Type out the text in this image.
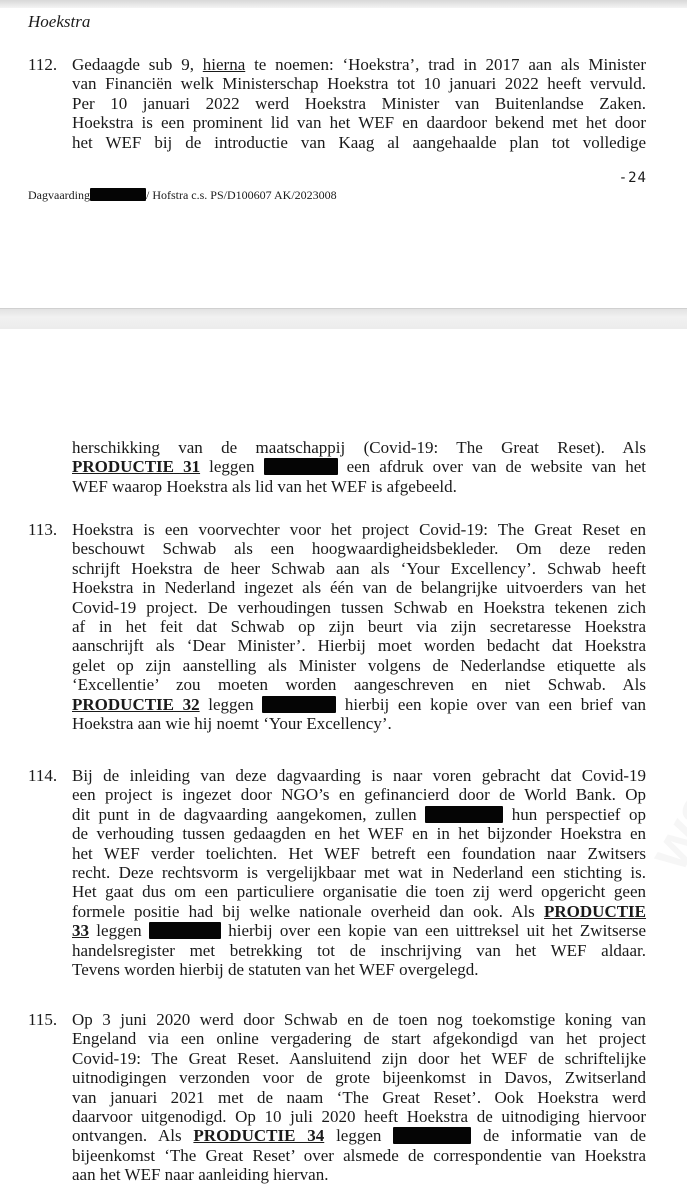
Hoekstra

112. Gedaagde sub 9, hierna te noemen: ‘Hoekstra’, trad in 2017 aan als Minister
van Financiën welk Ministerschap Hoekstra tot 10 januari 2022 heeft vervuld.
Per 10 januari 2022 werd Hoekstra Minister van Buitenlandse Zaken.
Hoekstra is een prominent lid van het WEF en daardoor bekend met het door
het WEF bij de introductie van Kaag al aangehaalde plan tot volledige
-24
Dagvaarding	/ Hofstra c.s. PS/D100607 AK/2023008
herschikking van de maatschappij (Covid-19: The Great Reset). Als
PRODUCTIE 31 leggen	een afdruk over van de website van het
WEF waarop Hoekstra als lid van het WEF is afgebeeld.
113. Hoekstra is een voorvechter voor het project Covid-19: The Great Reset en
beschouwt Schwab als een hoogwaardigheidsbekleder. Om deze reden
schrijft Hoekstra de heer Schwab aan als ‘Your Excellency’. Schwab heeft
Hoekstra in Nederland ingezet als één van de belangrijke uitvoerders van het
Covid-19 project. De verhoudingen tussen Schwab en Hoekstra tekenen zich
af in het feit dat Schwab op zijn beurt via zijn secretaresse Hoekstra
aanschrijft als ‘Dear Minister’. Hierbij moet worden bedacht dat Hoekstra
gelet op zijn aanstelling als Minister volgens de Nederlandse etiquette als
‘Excellentie’ zou moeten worden aangeschreven en niet Schwab. Als
PRODUCTIE 32 leggen	hierbij een kopie over van een brief van
Hoekstra aan wie hij noemt ‘Your Excellency’.
114. Bij de inleiding van deze dagvaarding is naar voren gebracht dat Covid-19
een project is ingezet door NGO’s en gefinancierd door de World Bank. Op
dit punt in de dagvaarding aangekomen, zullen	hun perspectief op
de verhouding tussen gedaagden en het WEF en in het bijzonder Hoekstra en
het WEF verder toelichten. Het WEF betreft een foundation naar Zwitsers
recht. Deze rechtsvorm is vergelijkbaar met wat in Nederland een stichting is.
Het gaat dus om een particuliere organisatie die toen zij werd opgericht geen
formele positie had bij welke nationale overheid dan ook. Als PRODUCTIE
33 leggen	hierbij over een kopie van een uittreksel uit het Zwitserse
handelsregister met betrekking tot de inschrijving van het WEF aldaar.
Tevens worden hierbij de statuten van het WEF overgelegd.
115. Op 3 juni 2020 werd door Schwab en de toen nog toekomstige koning van
Engeland via een online vergadering de start afgekondigd van het project
Covid-19: The Great Reset. Aansluitend zijn door het WEF de schriftelijke
uitnodigingen verzonden voor de grote bijeenkomst in Davos, Zwitserland
van januari 2021 met de naam ‘The Great Reset’. Ook Hoekstra werd
daarvoor uitgenodigd. Op 10 juli 2020 heeft Hoekstra de uitnodiging hiervoor
ontvangen. Als PRODUCTIE 34 leggen	de informatie van de
bijeenkomst ‘The Great Reset’ over alsmede de correspondentie van Hoekstra
aan het WEF naar aanleiding hiervan.
